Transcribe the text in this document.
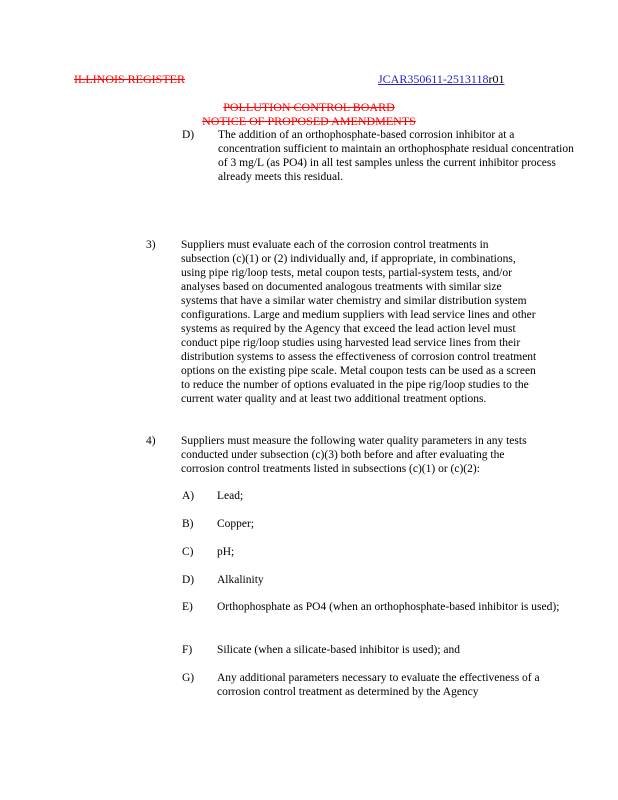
ILLINOIS REGISTER	JCAR350611-2513118r01
POLLUTION CONTROL BOARD
NOTICE OF PROPOSED AMENDMENTS
D) The addition of an orthophosphate-based corrosion inhibitor at a concentration sufficient to maintain an orthophosphate residual concentration of 3 mg/L (as PO4) in all test samples unless the current inhibitor process already meets this residual.
3) Suppliers must evaluate each of the corrosion control treatments in subsection (c)(1) or (2) individually and, if appropriate, in combinations, using pipe rig/loop tests, metal coupon tests, partial-system tests, and/or analyses based on documented analogous treatments with similar size systems that have a similar water chemistry and similar distribution system configurations. Large and medium suppliers with lead service lines and other systems as required by the Agency that exceed the lead action level must conduct pipe rig/loop studies using harvested lead service lines from their distribution systems to assess the effectiveness of corrosion control treatment options on the existing pipe scale. Metal coupon tests can be used as a screen to reduce the number of options evaluated in the pipe rig/loop studies to the current water quality and at least two additional treatment options.
4) Suppliers must measure the following water quality parameters in any tests conducted under subsection (c)(3) both before and after evaluating the corrosion control treatments listed in subsections (c)(1) or (c)(2):
A) Lead;
B) Copper;
C) pH;
D) Alkalinity
E) Orthophosphate as PO4 (when an orthophosphate-based inhibitor is used);
F) Silicate (when a silicate-based inhibitor is used); and
G) Any additional parameters necessary to evaluate the effectiveness of a corrosion control treatment as determined by the Agency
